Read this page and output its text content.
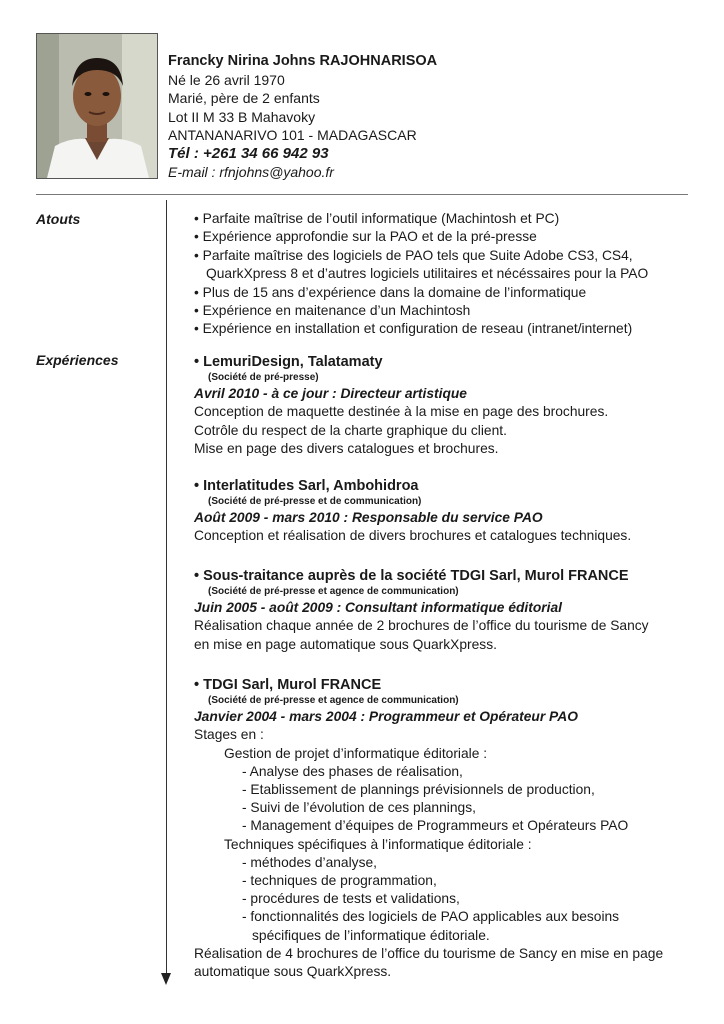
Francky Nirina Johns RAJOHNARISOA
Né le 26 avril 1970
Marié, père de 2 enfants
Lot II M 33 B Mahavoky
ANTANANARIVO 101 - MADAGASCAR
Tél : +261 34 66 942 93
E-mail : rfnjohns@yahoo.fr
Atouts	• Parfaite maîtrise de l’outil informatique (Machintosh et PC)
• Expérience approfondie sur la PAO et de la pré-presse
• Parfaite maîtrise des logiciels de PAO tels que Suite Adobe CS3, CS4, QuarkXpress 8 et d’autres logiciels utilitaires et nécéssaires pour la PAO
• Plus de 15 ans d’expérience dans la domaine de l’informatique
• Expérience en maitenance d’un Machintosh
• Expérience en installation et configuration de reseau (intranet/internet)
Expériences	• LemuriDesign, Talatamaty
(Société de pré-presse)
Avril 2010 - à ce jour : Directeur artistique
Conception de maquette destinée à la mise en page des brochures.
Cotrôle du respect de la charte graphique du client.
Mise en page des divers catalogues et brochures.
• Interlatitudes Sarl, Ambohidroa
(Société de pré-presse et de communication)
Août 2009 - mars 2010 : Responsable du service PAO
Conception et réalisation de divers brochures et catalogues techniques.
• Sous-traitance auprès de la société TDGI Sarl, Murol FRANCE
(Société de pré-presse et agence de communication)
Juin 2005 - août 2009 : Consultant informatique éditorial
Réalisation chaque année de 2 brochures de l’office du tourisme de Sancy
en mise en page automatique sous QuarkXpress.
• TDGI Sarl, Murol FRANCE
(Société de pré-presse et agence de communication)
Janvier 2004 - mars 2004 : Programmeur et Opérateur PAO
Stages en :
Gestion de projet d’informatique éditoriale :
- Analyse des phases de réalisation,
- Etablissement de plannings prévisionnels de production,
- Suivi de l’évolution de ces plannings,
- Management d’équipes de Programmeurs et Opérateurs PAO
Techniques spécifiques à l’informatique éditoriale :
- méthodes d’analyse,
- techniques de programmation,
- procédures de tests et validations,
- fonctionnalités des logiciels de PAO applicables aux besoins
spécifiques de l’informatique éditoriale.
Réalisation de 4 brochures de l’office du tourisme de Sancy en mise en page
automatique sous QuarkXpress.
